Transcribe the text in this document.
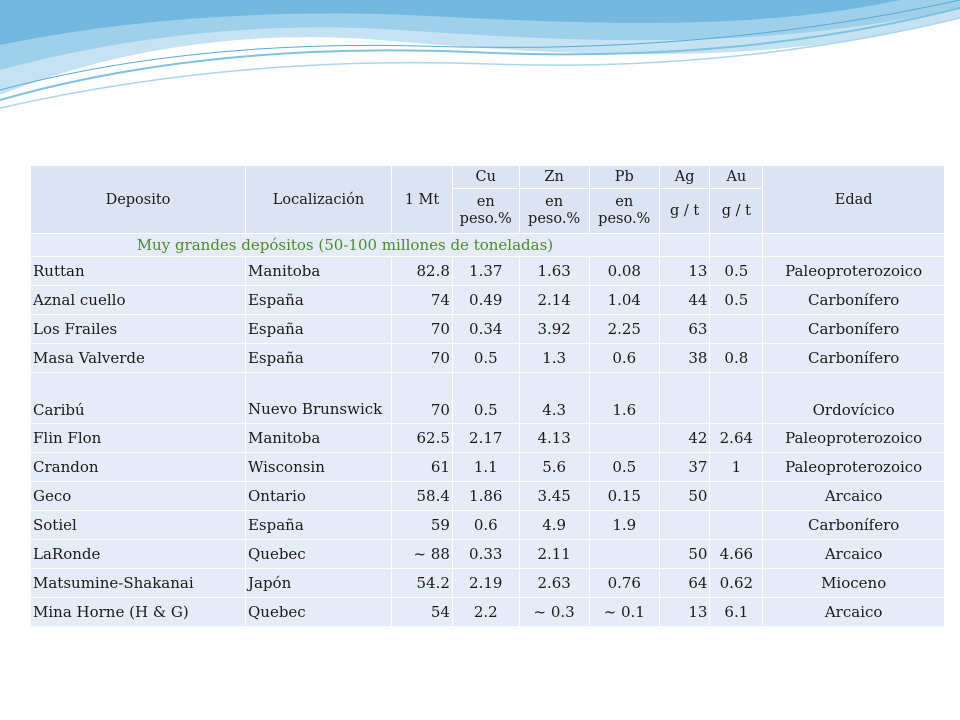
Deposito	Localización	1 Mt	Cu	Zn	Pb	Ag	Au	Edad
			en peso.%	en peso.%	en peso.%	g / t	g / t	
Muy grandes depósitos (50-100 millones de toneladas)								
Ruttan	Manitoba	82.8	1.37	1.63	0.08	13	0.5	Paleoproterozoico
Aznal cuello	España	74	0.49	2.14	1.04	44	0.5	Carbonífero
Los Frailes	España	70	0.34	3.92	2.25	63		Carbonífero
Masa Valverde	España	70	0.5	1.3	0.6	38	0.8	Carbonífero
Caribú	Nuevo Brunswick	70	0.5	4.3	1.6			Ordovícico
Flin Flon	Manitoba	62.5	2.17	4.13		42	2.64	Paleoproterozoico
Crandon	Wisconsin	61	1.1	5.6	0.5	37	1	Paleoproterozoico
Geco	Ontario	58.4	1.86	3.45	0.15	50		Arcaico
Sotiel	España	59	0.6	4.9	1.9			Carbonífero
LaRonde	Quebec	~ 88	0.33	2.11		50	4.66	Arcaico
Matsumine-Shakanai	Japón	54.2	2.19	2.63	0.76	64	0.62	Mioceno
Mina Horne (H & G)	Quebec	54	2.2	~ 0.3	~ 0.1	13	6.1	Arcaico
